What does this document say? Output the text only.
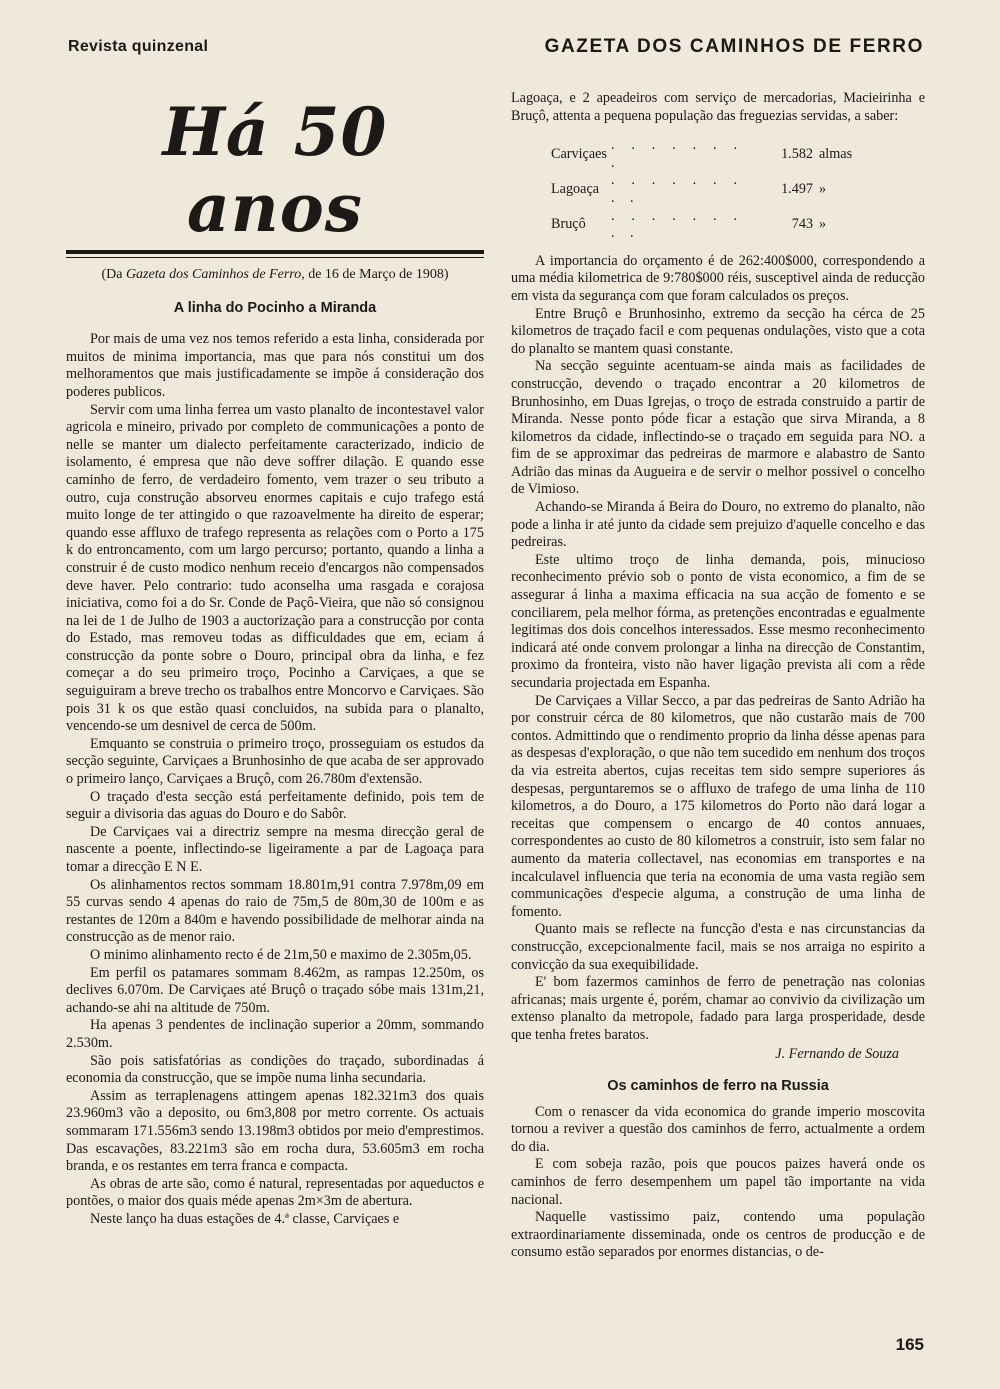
Revista quinzenal	GAZETA DOS CAMINHOS DE FERRO
Há 50 anos
(Da Gazeta dos Caminhos de Ferro, de 16 de Março de 1908)
A linha do Pocinho a Miranda

Por mais de uma vez nos temos referido a esta linha, considerada por muitos de minima importancia, mas que para nós constitui um dos melhoramentos que mais justificadamente se impõe á consideração dos poderes publicos.

Servir com uma linha ferrea um vasto planalto de incontestavel valor agricola e mineiro, privado por completo de communicações a ponto de nelle se manter um dialecto perfeitamente caracterizado, indicio de isolamento, é empresa que não deve soffrer dilação. E quando esse caminho de ferro, de verdadeiro fomento, vem trazer o seu tributo a outro, cuja construção absorveu enormes capitais e cujo trafego está muito longe de ter attingido o que razoavelmente ha direito de esperar; quando esse affluxo de trafego representa as relações com o Porto a 175 k do entroncamento, com um largo percurso; portanto, quando a linha a construir é de custo modico nenhum receio d'encargos não compensados deve haver. Pelo contrario: tudo aconselha uma rasgada e corajosa iniciativa, como foi a do Sr. Conde de Paçô-Vieira, que não só consignou na lei de 1 de Julho de 1903 a auctorização para a construcção por conta do Estado, mas removeu todas as difficuldades que em, eciam á construcção da ponte sobre o Douro, principal obra da linha, e fez começar a do seu primeiro troço, Pocinho a Carviçaes, a que se seguiguiram a breve trecho os trabalhos entre Moncorvo e Carviçaes. São pois 31 k os que estão quasi concluidos, na subida para o planalto, vencendo-se um desnivel de cerca de 500m.

Emquanto se construia o primeiro troço, prosseguiam os estudos da secção seguinte, Carviçaes a Brunhosinho de que acaba de ser approvado o primeiro lanço, Carviçaes a Bruçô, com 26.780m d'extensão.

O traçado d'esta secção está perfeitamente definido, pois tem de seguir a divisoria das aguas do Douro e do Sabôr.

De Carviçaes vai a directriz sempre na mesma direcção geral de nascente a poente, inflectindo-se ligeiramente a par de Lagoaça para tomar a direcção E N E.

Os alinhamentos rectos sommam 18.801m,91 contra 7.978m,09 em 55 curvas sendo 4 apenas do raio de 75m,5 de 80m,30 de 100m e as restantes de 120m a 840m e havendo possibilidade de melhorar ainda na construcção as de menor raio.

O minimo alinhamento recto é de 21m,50 e maximo de 2.305m,05.

Em perfil os patamares sommam 8.462m, as rampas 12.250m, os declives 6.070m. De Carviçaes até Bruçô o traçado sóbe mais 131m,21, achando-se ahi na altitude de 750m.

Ha apenas 3 pendentes de inclinação superior a 20mm, sommando 2.530m.

São pois satisfatórias as condições do traçado, subordinadas á economia da construcção, que se impõe numa linha secundaria.

Assim as terraplenagens attingem apenas 182.321m3 dos quais 23.960m3 vão a deposito, ou 6m3,808 por metro corrente. Os actuais sommaram 171.556m3 sendo 13.198m3 obtidos por meio d'emprestimos. Das escavações, 83.221m3 são em rocha dura, 53.605m3 em rocha branda, e os restantes em terra franca e compacta.

As obras de arte são, como é natural, representadas por aqueductos e pontões, o maior dos quais méde apenas 2m×3m de abertura.

Neste lanço ha duas estações de 4.ª classe, Carviçaes e

Lagoaça, e 2 apeadeiros com serviço de mercadorias, Macieirinha e Bruçô, attenta a pequena população das freguezias servidas, a saber:

Carviçaes	. . . . . . . .	1.582	almas
Lagoaça	. . . . . . . . .	1.497	»
Bruçô	. . . . . . . . .	743	»

A importancia do orçamento é de 262:400$000, correspondendo a uma média kilometrica de 9:780$000 réis, susceptivel ainda de reducção em vista da segurança com que foram calculados os preços.

Entre Bruçô e Brunhosinho, extremo da secção ha cérca de 25 kilometros de traçado facil e com pequenas ondulações, visto que a cota do planalto se mantem quasi constante.

Na secção seguinte acentuam-se ainda mais as facilidades de construcção, devendo o traçado encontrar a 20 kilometros de Brunhosinho, em Duas Igrejas, o troço de estrada construido a partir de Miranda. Nesse ponto póde ficar a estação que sirva Miranda, a 8 kilometros da cidade, inflectindo-se o traçado em seguida para NO. a fim de se approximar das pedreiras de marmore e alabastro de Santo Adrião das minas da Augueira e de servir o melhor possivel o concelho de Vimioso.

Achando-se Miranda á Beira do Douro, no extremo do planalto, não pode a linha ir até junto da cidade sem prejuizo d'aquelle concelho e das pedreiras.

Este ultimo troço de linha demanda, pois, minucioso reconhecimento prévio sob o ponto de vista economico, a fim de se assegurar á linha a maxima efficacia na sua acção de fomento e se conciliarem, pela melhor fórma, as pretenções encontradas e egualmente legitimas dos dois concelhos interessados. Esse mesmo reconhecimento indicará até onde convem prolongar a linha na direcção de Constantim, proximo da fronteira, visto não haver ligação prevista ali com a rêde secundaria projectada em Espanha.

De Carviçaes a Villar Secco, a par das pedreiras de Santo Adrião ha por construir cérca de 80 kilometros, que não custarão mais de 700 contos. Admittindo que o rendimento proprio da linha désse apenas para as despesas d'exploração, o que não tem sucedido em nenhum dos troços da via estreita abertos, cujas receitas tem sido sempre superiores ás despesas, perguntaremos se o affluxo de trafego de uma linha de 110 kilometros, a do Douro, a 175 kilometros do Porto não dará logar a receitas que compensem o encargo de 40 contos annuaes, correspondentes ao custo de 80 kilometros a construir, isto sem falar no aumento da materia collectavel, nas economias em transportes e na incalculavel influencia que teria na economia de uma vasta região sem communicações d'especie alguma, a construção de uma linha de fomento.

Quanto mais se reflecte na funcção d'esta e nas circunstancias da construcção, excepcionalmente facil, mais se nos arraiga no espirito a convicção da sua exequibilidade.

E' bom fazermos caminhos de ferro de penetração nas colonias africanas; mais urgente é, porém, chamar ao convivio da civilização um extenso planalto da metropole, fadado para larga prosperidade, desde que tenha fretes baratos.

J. Fernando de Souza
Os caminhos de ferro na Russia

Com o renascer da vida economica do grande imperio moscovita tornou a reviver a questão dos caminhos de ferro, actualmente a ordem do dia.

E com sobeja razão, pois que poucos paizes haverá onde os caminhos de ferro desempenhem um papel tão importante na vida nacional.

Naquelle vastissimo paiz, contendo uma população extraordinariamente disseminada, onde os centros de producção e de consumo estão separados por enormes distancias, o de-

165
